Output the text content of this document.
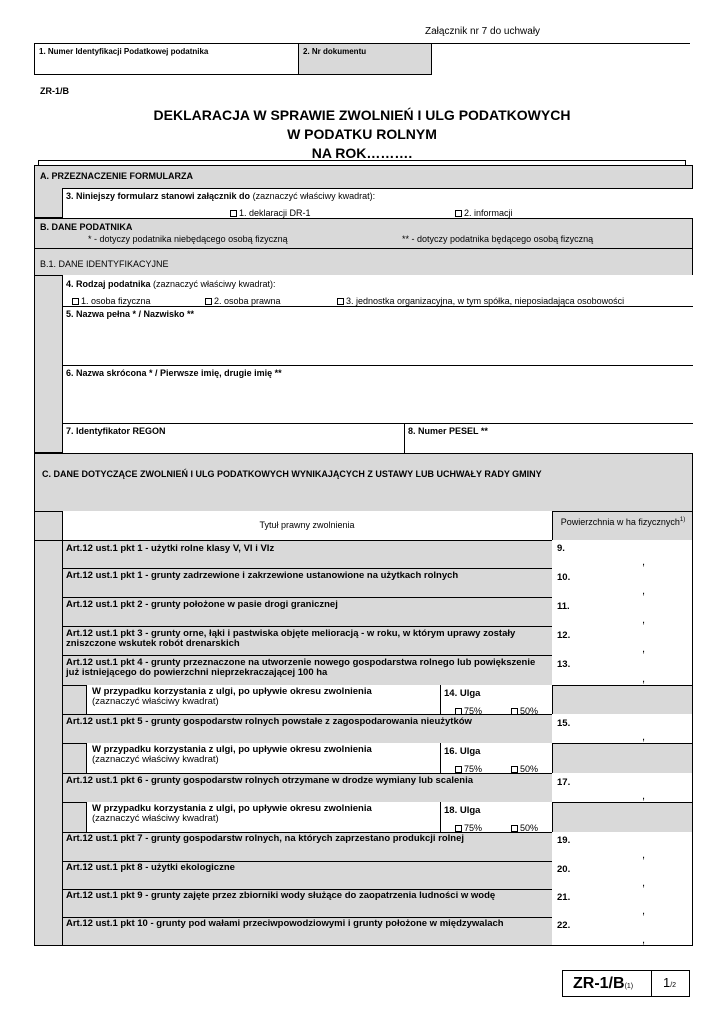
Załącznik nr 7 do uchwały
1. Numer Identyfikacji Podatkowej podatnika	2. Nr dokumentu
ZR-1/B
DEKLARACJA W SPRAWIE ZWOLNIEŃ I ULG PODATKOWYCH
W PODATKU ROLNYM
NA ROK……….
A. PRZEZNACZENIE FORMULARZA
3. Niniejszy formularz stanowi załącznik do (zaznaczyć właściwy kwadrat):
1. deklaracji DR-1	2. informacji
B. DANE PODATNIKA
* - dotyczy podatnika niebędącego osobą fizyczną	** - dotyczy podatnika będącego osobą fizyczną
B.1. DANE IDENTYFIKACYJNE
4. Rodzaj podatnika (zaznaczyć właściwy kwadrat):
1. osoba fizyczna	2. osoba prawna	3. jednostka organizacyjna, w tym spółka, nieposiadająca osobowości
5. Nazwa pełna * / Nazwisko **
6. Nazwa skrócona * / Pierwsze imię, drugie imię **
7. Identyfikator REGON	8. Numer PESEL **
C. DANE DOTYCZĄCE ZWOLNIEŃ I ULG PODATKOWYCH WYNIKAJĄCYCH Z USTAWY LUB UCHWAŁY RADY GMINY
Tytuł prawny zwolnienia	Powierzchnia w ha fizycznych$^{1)}$
Art.12 ust.1 pkt 1 - użytki rolne klasy V, VI i VIz	9.
,
Art.12 ust.1 pkt 1 - grunty zadrzewione i zakrzewione ustanowione na użytkach rolnych	10.
,
Art.12 ust.1 pkt 2 - grunty położone w pasie drogi granicznej	11.
,
Art.12 ust.1 pkt 3 - grunty orne, łąki i pastwiska objęte melioracją - w roku, w którym uprawy zostały zniszczone wskutek robót drenarskich
12.
,
Art.12 ust.1 pkt 4 - grunty przeznaczone na utworzenie nowego gospodarstwa rolnego lub powiększenie już istniejącego do powierzchni nieprzekraczającej 100 ha
13.
,
W przypadku korzystania z ulgi, po upływie okresu zwolnienia
(zaznaczyć właściwy kwadrat)
14. Ulga
75%	50%
Art.12 ust.1 pkt 5 - grunty gospodarstw rolnych powstałe z zagospodarowania nieużytków	15.
,
W przypadku korzystania z ulgi, po upływie okresu zwolnienia
(zaznaczyć właściwy kwadrat)
16. Ulga
75%	50%
Art.12 ust.1 pkt 6 - grunty gospodarstw rolnych otrzymane w drodze wymiany lub scalenia	17.
,
W przypadku korzystania z ulgi, po upływie okresu zwolnienia
(zaznaczyć właściwy kwadrat)
18. Ulga
75%	50%
Art.12 ust.1 pkt 7 - grunty gospodarstw rolnych, na których zaprzestano produkcji rolnej	19.
,
Art.12 ust.1 pkt 8 - użytki ekologiczne	20.
,
Art.12 ust.1 pkt 9 - grunty zajęte przez zbiorniki wody służące do zaopatrzenia ludności w wodę	21.
,
Art.12 ust.1 pkt 10 - grunty pod wałami przeciwpowodziowymi i grunty położone w międzywalach	22.
,
ZR-1/B(1) 1/2
